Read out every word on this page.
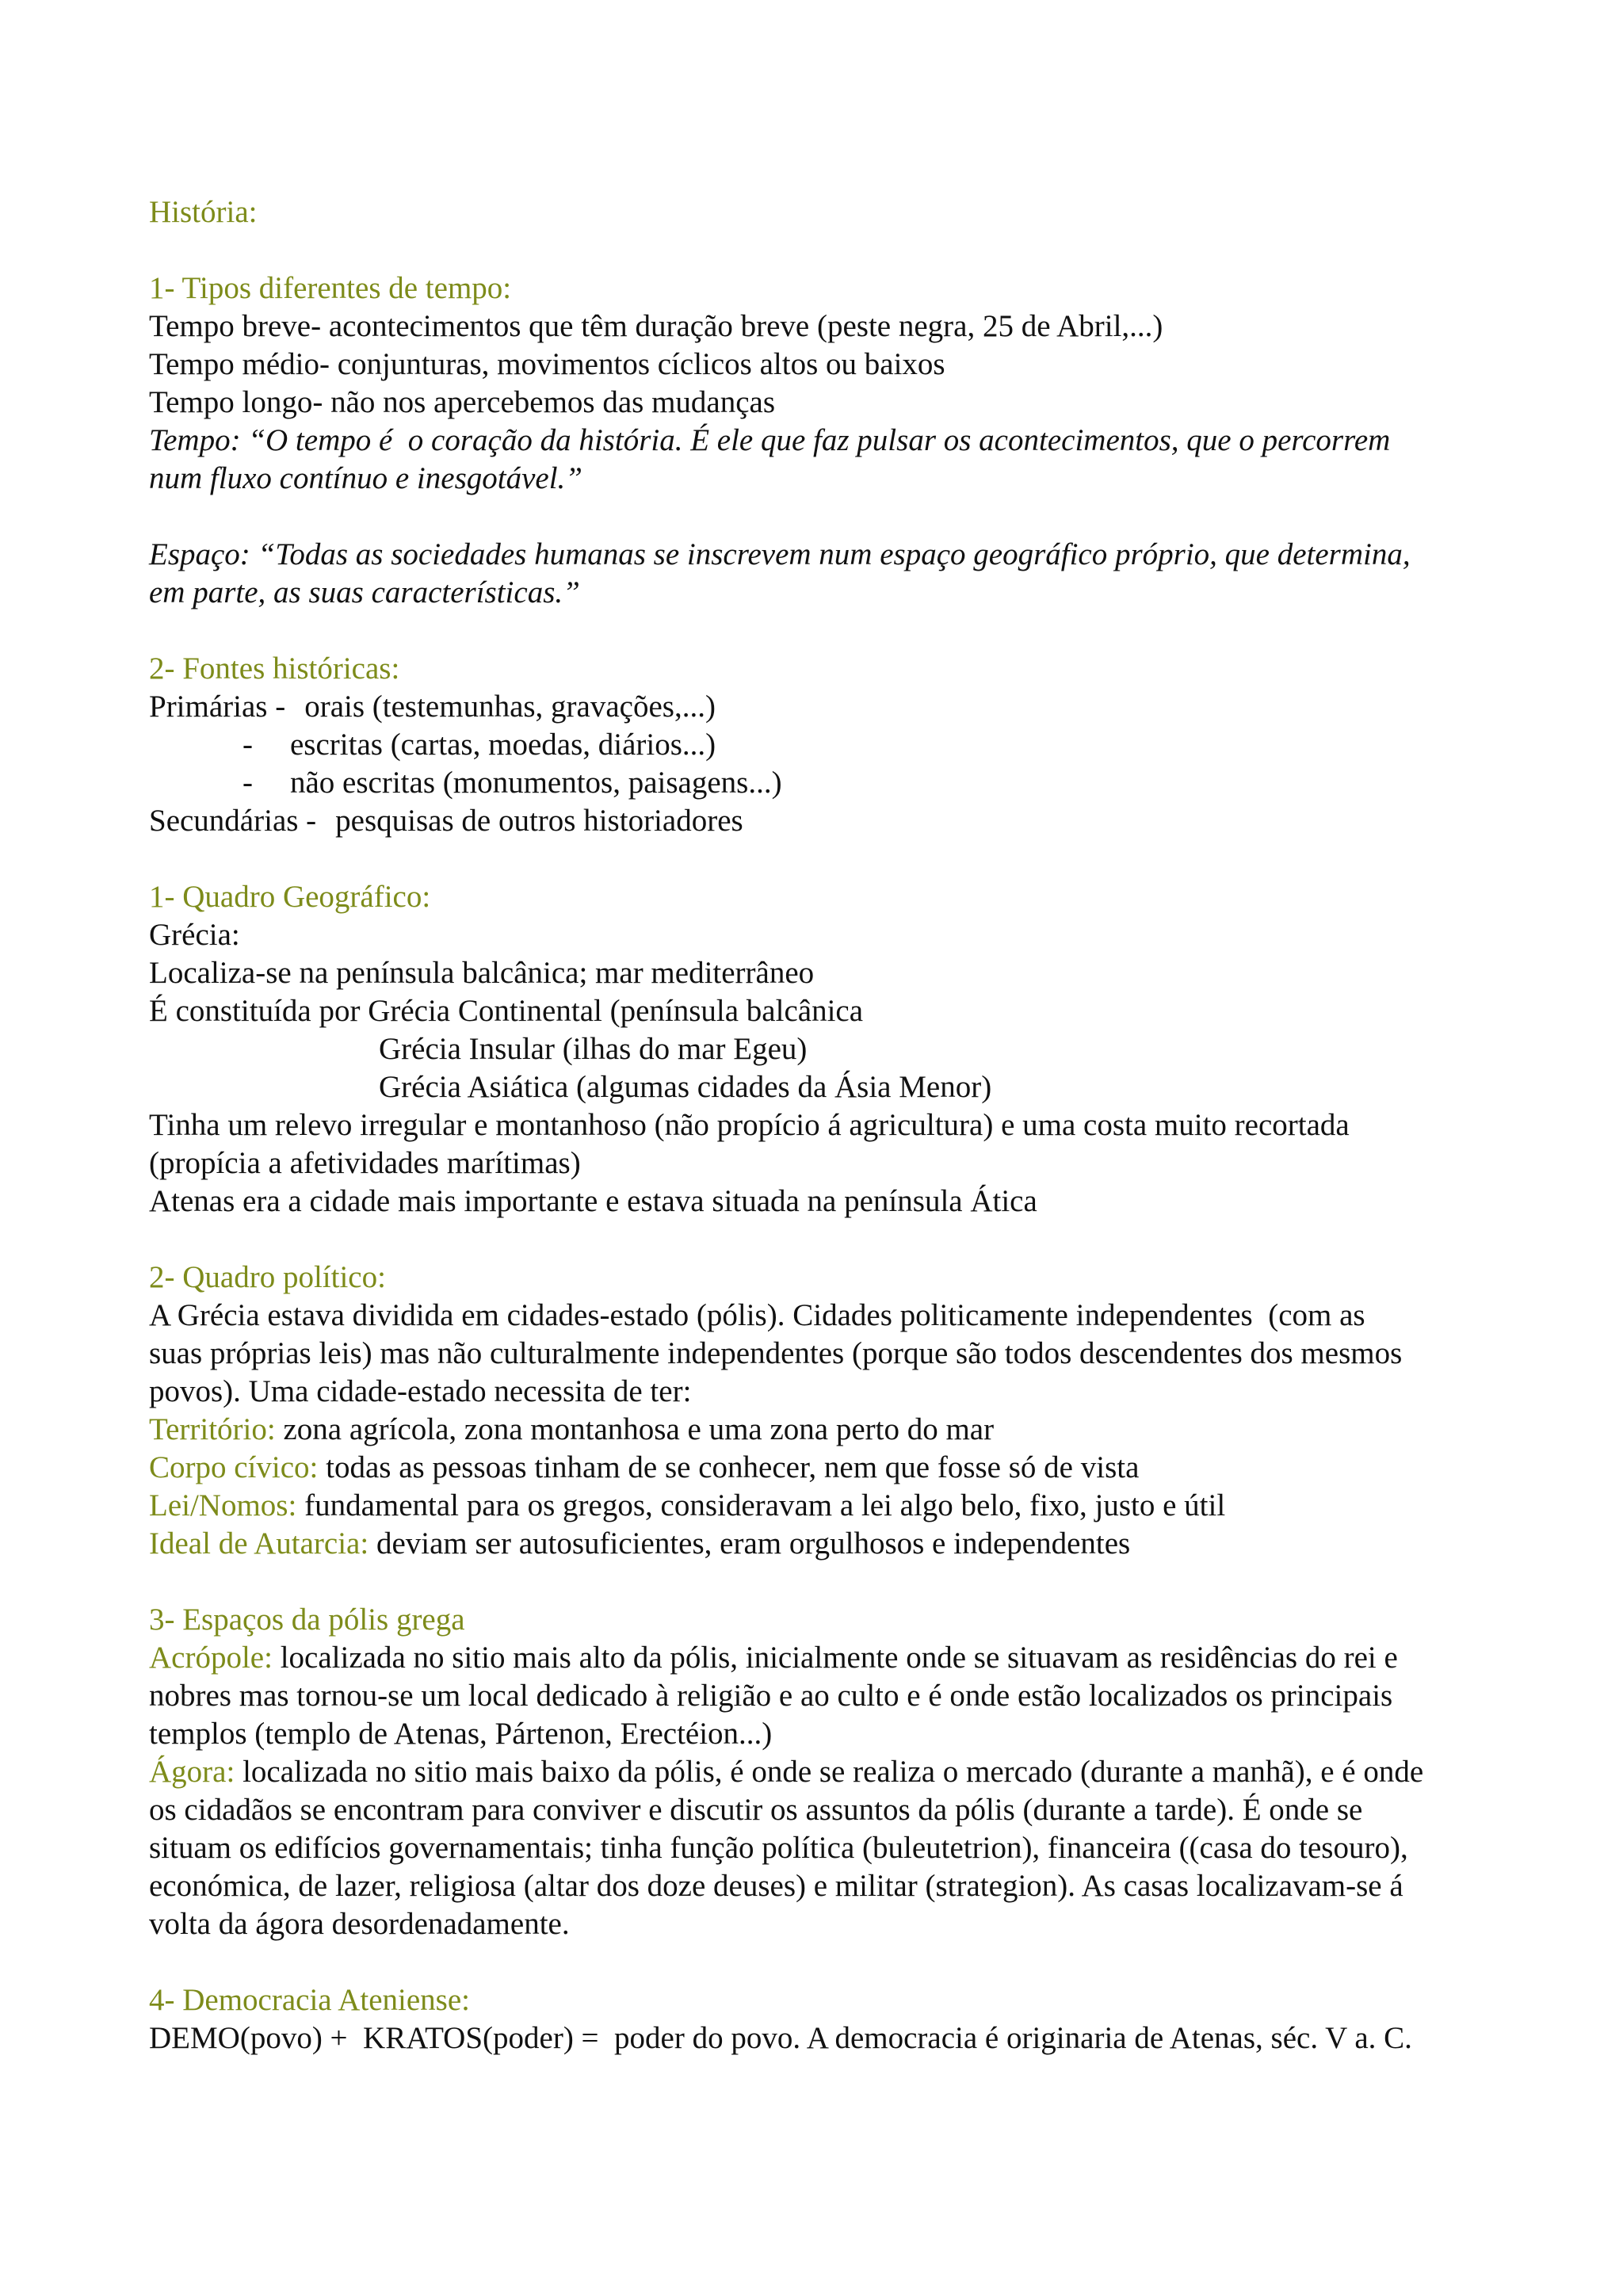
História:
1- Tipos diferentes de tempo:
Tempo breve- acontecimentos que têm duração breve (peste negra, 25 de Abril,...)
Tempo médio- conjunturas, movimentos cíclicos altos ou baixos
Tempo longo- não nos apercebemos das mudanças
Tempo: “O tempo é  o coração da história. É ele que faz pulsar os acontecimentos, que o percorrem
num fluxo contínuo e inesgotável.”
Espaço: “Todas as sociedades humanas se inscrevem num espaço geográfico próprio, que determina,
em parte, as suas características.”
2- Fontes históricas:
Primárias - orais (testemunhas, gravações,...)
- escritas (cartas, moedas, diários...)
- não escritas (monumentos, paisagens...)
Secundárias - pesquisas de outros historiadores
1- Quadro Geográfico:
Grécia:
Localiza-se na península balcânica; mar mediterrâneo
É constituída por Grécia Continental (península balcânica
Grécia Insular (ilhas do mar Egeu)
Grécia Asiática (algumas cidades da Ásia Menor)
Tinha um relevo irregular e montanhoso (não propício á agricultura) e uma costa muito recortada
(propícia a afetividades marítimas)
Atenas era a cidade mais importante e estava situada na península Ática
2- Quadro político:
A Grécia estava dividida em cidades-estado (pólis). Cidades politicamente independentes  (com as
suas próprias leis) mas não culturalmente independentes (porque são todos descendentes dos mesmos
povos). Uma cidade-estado necessita de ter:
Território: zona agrícola, zona montanhosa e uma zona perto do mar
Corpo cívico: todas as pessoas tinham de se conhecer, nem que fosse só de vista
Lei/Nomos: fundamental para os gregos, consideravam a lei algo belo, fixo, justo e útil
Ideal de Autarcia: deviam ser autosuficientes, eram orgulhosos e independentes
3- Espaços da pólis grega
Acrópole: localizada no sitio mais alto da pólis, inicialmente onde se situavam as residências do rei e
nobres mas tornou-se um local dedicado à religião e ao culto e é onde estão localizados os principais
templos (templo de Atenas, Pártenon, Erectéion...)
Ágora: localizada no sitio mais baixo da pólis, é onde se realiza o mercado (durante a manhã), e é onde
os cidadãos se encontram para conviver e discutir os assuntos da pólis (durante a tarde). É onde se
situam os edifícios governamentais; tinha função política (buleutetrion), financeira ((casa do tesouro),
económica, de lazer, religiosa (altar dos doze deuses) e militar (strategion). As casas localizavam-se á
volta da ágora desordenadamente.
4- Democracia Ateniense:
DEMO(povo) +  KRATOS(poder) =  poder do povo. A democracia é originaria de Atenas, séc. V a. C.
